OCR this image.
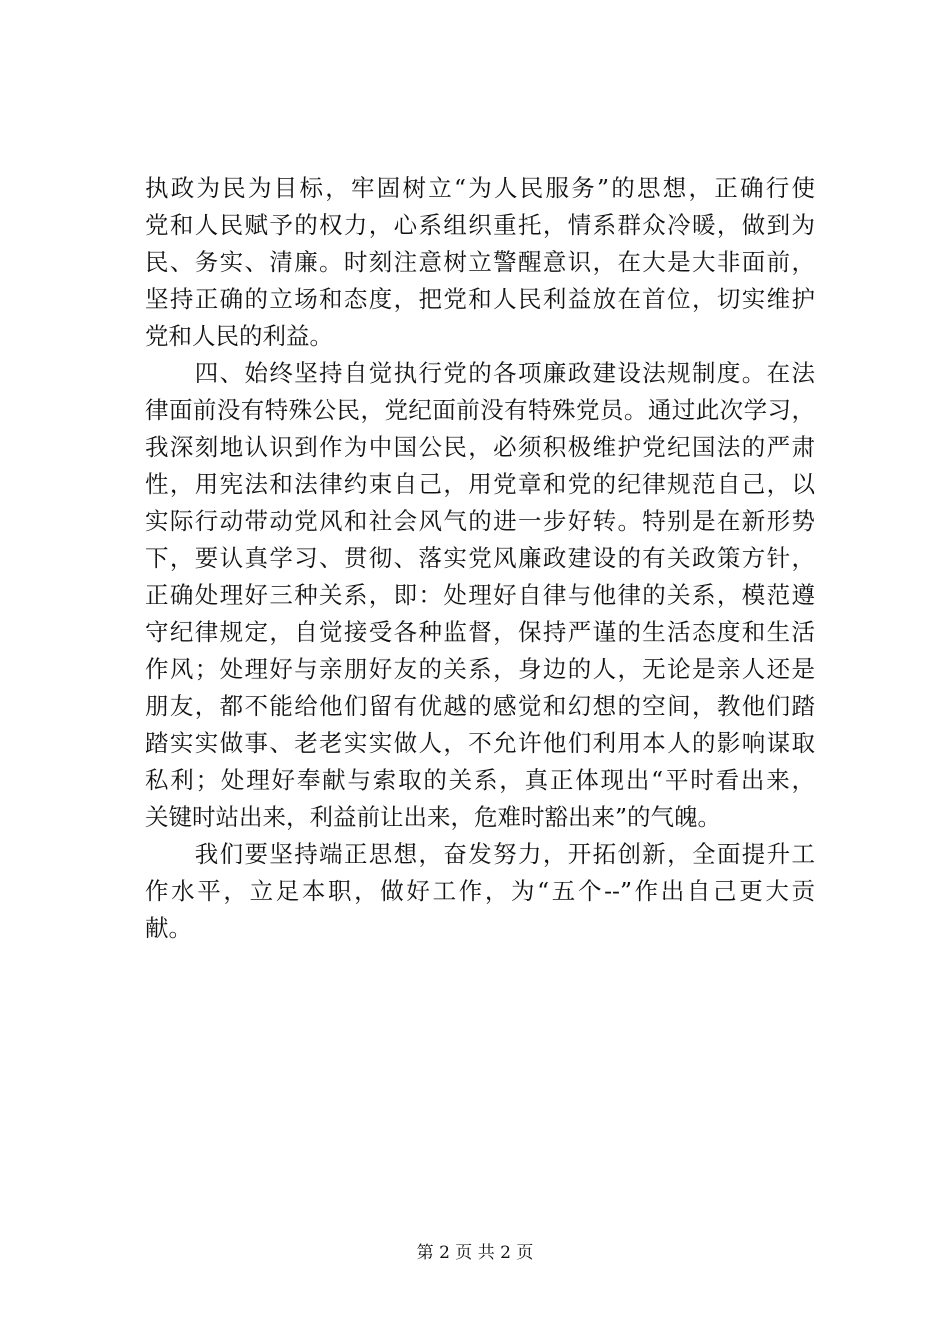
执政为民为目标，牢固树立“为人民服务”的思想，正确行使
党和人民赋予的权力，心系组织重托，情系群众冷暖，做到为
民、务实、清廉。时刻注意树立警醒意识，在大是大非面前，
坚持正确的立场和态度，把党和人民利益放在首位，切实维护
党和人民的利益。
　　四、始终坚持自觉执行党的各项廉政建设法规制度。在法
律面前没有特殊公民，党纪面前没有特殊党员。通过此次学习，
我深刻地认识到作为中国公民，必须积极维护党纪国法的严肃
性，用宪法和法律约束自己，用党章和党的纪律规范自己，以
实际行动带动党风和社会风气的进一步好转。特别是在新形势
下，要认真学习、贯彻、落实党风廉政建设的有关政策方针，
正确处理好三种关系，即：处理好自律与他律的关系，模范遵
守纪律规定，自觉接受各种监督，保持严谨的生活态度和生活
作风；处理好与亲朋好友的关系，身边的人，无论是亲人还是
朋友，都不能给他们留有优越的感觉和幻想的空间，教他们踏
踏实实做事、老老实实做人，不允许他们利用本人的影响谋取
私利；处理好奉献与索取的关系，真正体现出“平时看出来，
关键时站出来，利益前让出来，危难时豁出来”的气魄。
　　我们要坚持端正思想，奋发努力，开拓创新，全面提升工
作水平，立足本职，做好工作，为“五个--”作出自己更大贡
献。
第 2 页 共 2 页
